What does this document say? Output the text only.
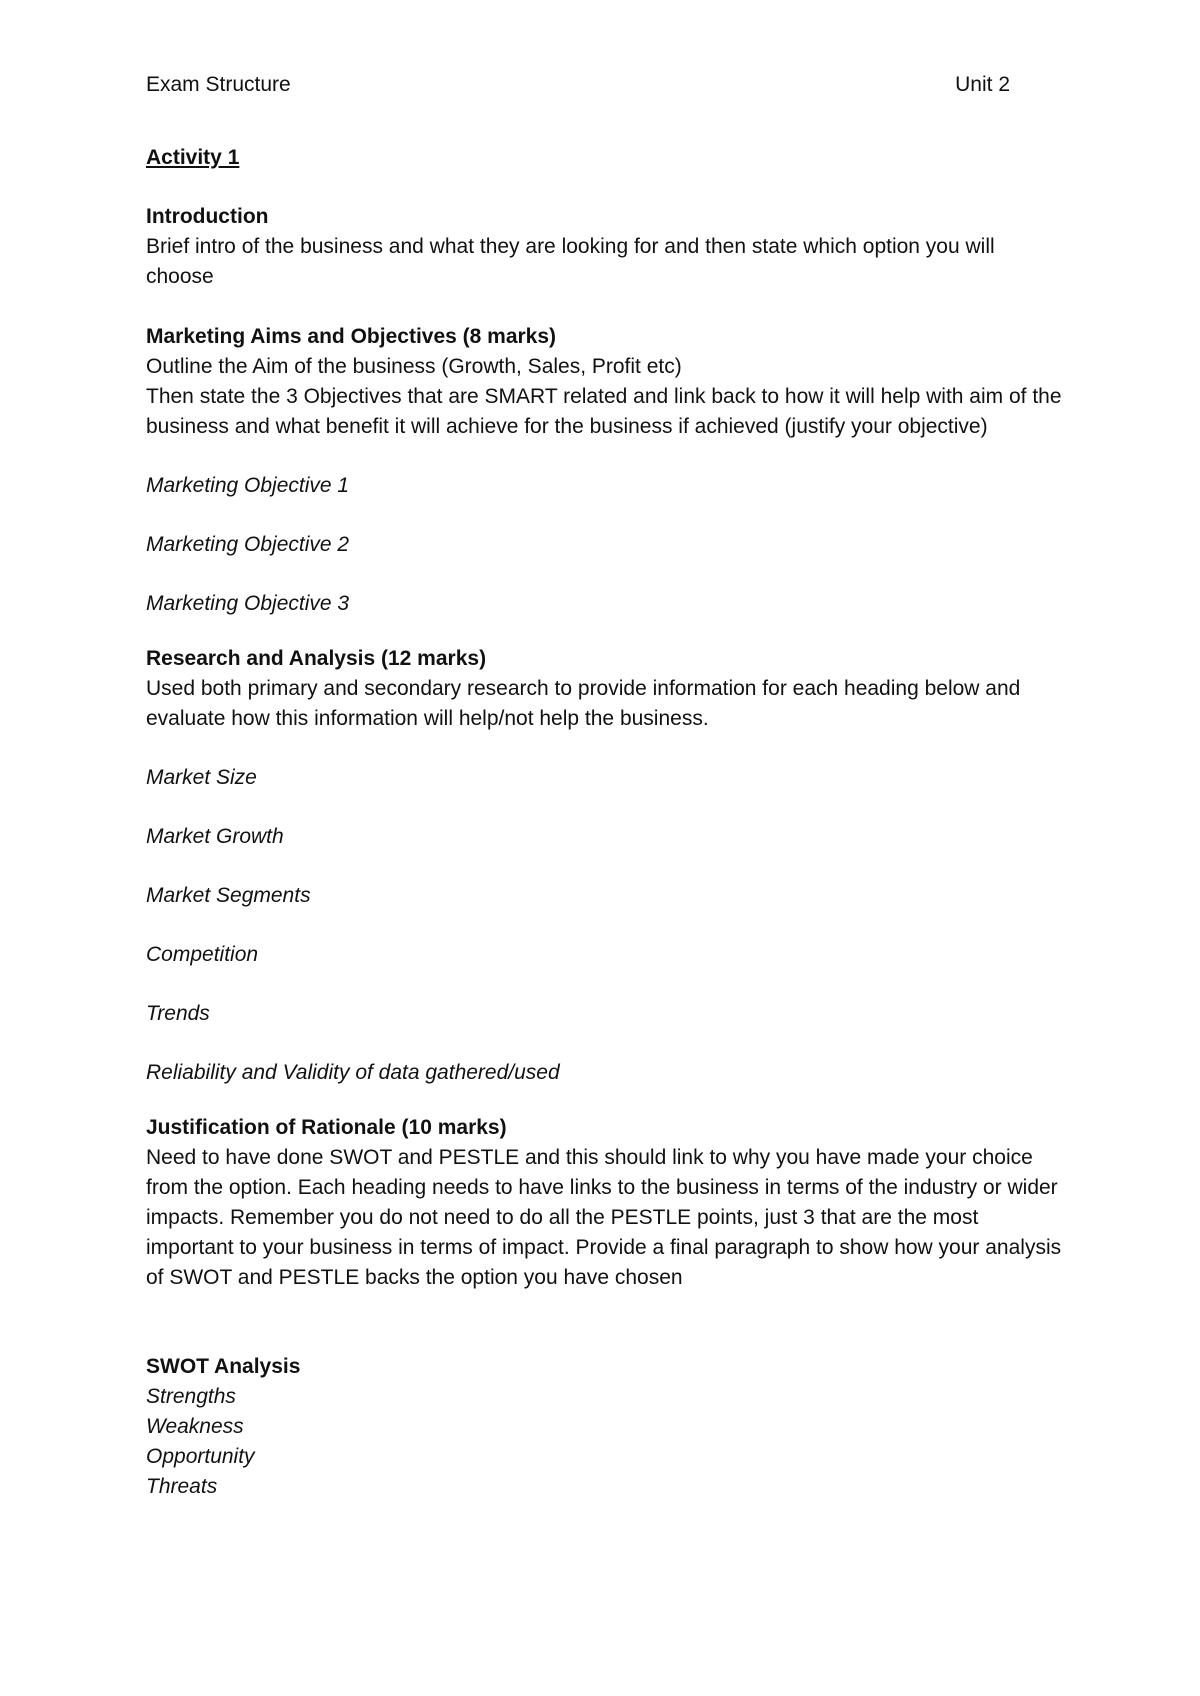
Exam Structure	Unit 2
Activity 1
Introduction

Brief intro of the business and what they are looking for and then state which option you will choose

Marketing Aims and Objectives (8 marks)

Outline the Aim of the business (Growth, Sales, Profit etc)

Then state the 3 Objectives that are SMART related and link back to how it will help with aim of the business and what benefit it will achieve for the business if achieved (justify your objective)

Marketing Objective 1
Marketing Objective 2
Marketing Objective 3
Research and Analysis (12 marks)

Used both primary and secondary research to provide information for each heading below and evaluate how this information will help/not help the business.

Market Size
Market Growth
Market Segments
Competition
Trends
Reliability and Validity of data gathered/used
Justification of Rationale (10 marks)

Need to have done SWOT and PESTLE and this should link to why you have made your choice from the option. Each heading needs to have links to the business in terms of the industry or wider impacts. Remember you do not need to do all the PESTLE points, just 3 that are the most important to your business in terms of impact. Provide a final paragraph to show how your analysis of SWOT and PESTLE backs the option you have chosen

SWOT Analysis
Strengths
Weakness
Opportunity
Threats
